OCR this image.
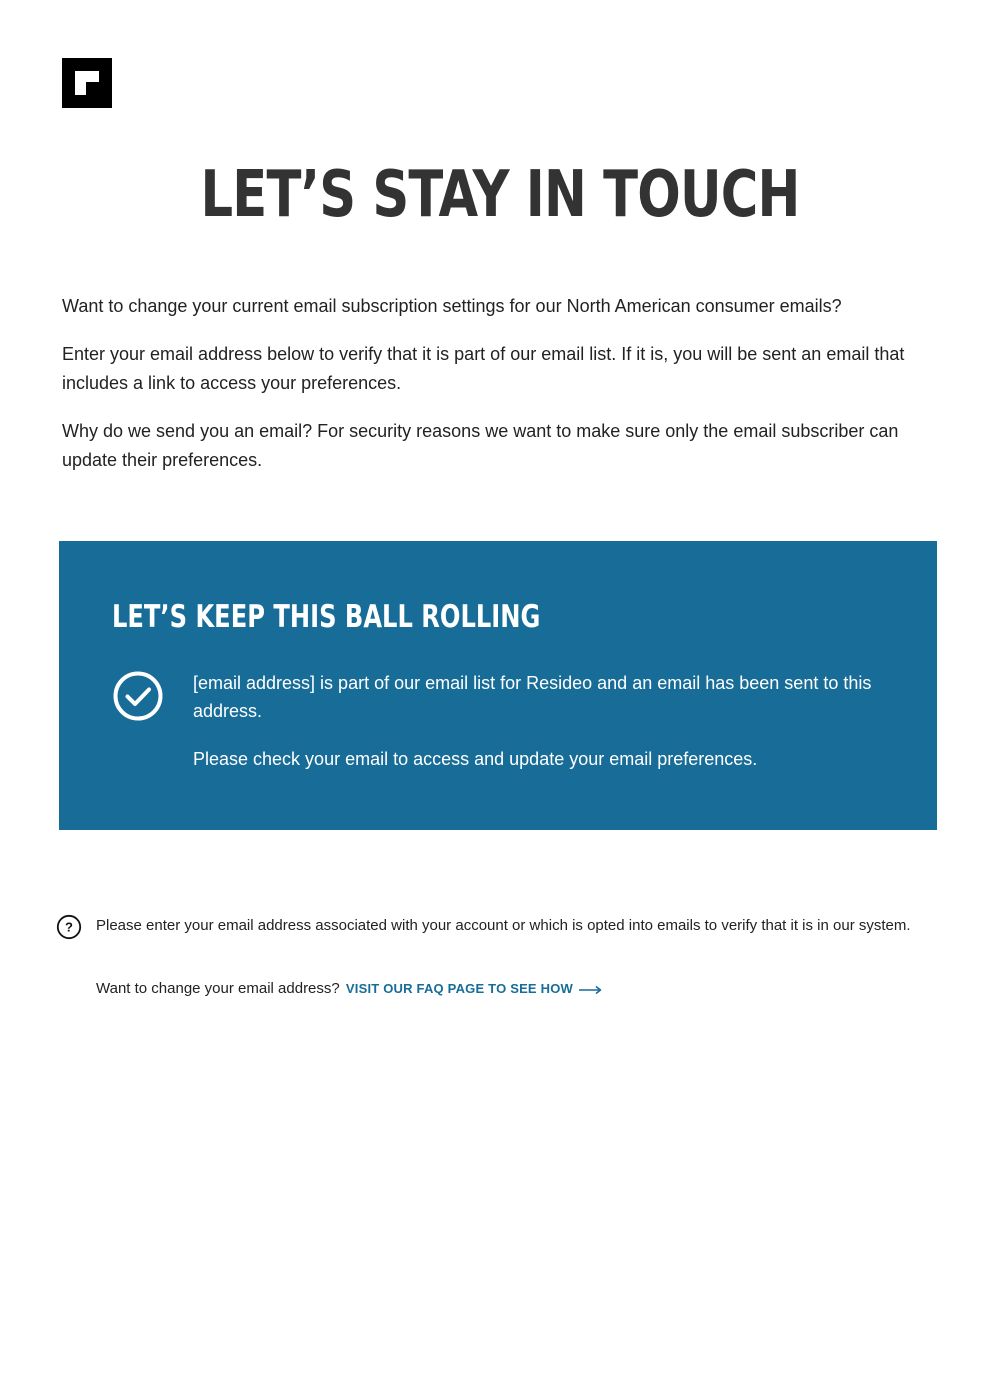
LET’S STAY IN TOUCH

Want to change your current email subscription settings for our North American consumer emails?

Enter your email address below to verify that it is part of our email list. If it is, you will be sent an email that includes a link to access your preferences.

Why do we send you an email? For security reasons we want to make sure only the email subscriber can update their preferences.

LET’S KEEP THIS BALL ROLLING

[email address] is part of our email list for Resideo and an email has been sent to this address.

Please check your email to access and update your email preferences.

? Please enter your email address associated with your account or which is opted into emails to verify that it is in our system.

Want to change your email address? VISIT OUR FAQ PAGE TO SEE HOW
